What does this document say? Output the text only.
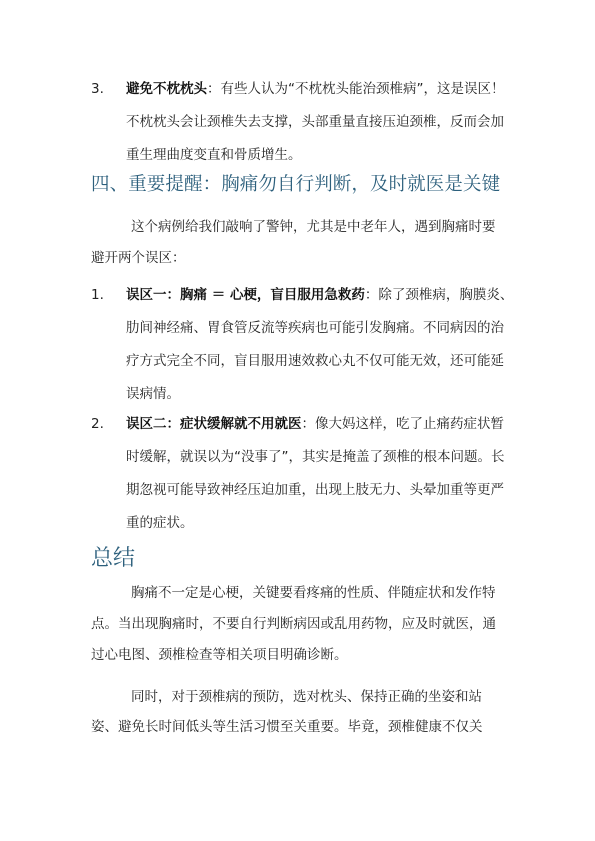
3. 避免不枕枕头：有些人认为“不枕枕头能治颈椎病”，这是误区！不枕枕头会让颈椎失去支撑，头部重量直接压迫颈椎，反而会加重生理曲度变直和骨质增生。
四、重要提醒：胸痛勿自行判断，及时就医是关键
这个病例给我们敲响了警钟，尤其是中老年人，遇到胸痛时要避开两个误区：
1. 误区一：胸痛 ＝ 心梗，盲目服用急救药：除了颈椎病，胸膜炎、肋间神经痛、胃食管反流等疾病也可能引发胸痛。不同病因的治疗方式完全不同，盲目服用速效救心丸不仅可能无效，还可能延误病情。
2. 误区二：症状缓解就不用就医：像大妈这样，吃了止痛药症状暂时缓解，就误以为“没事了”，其实是掩盖了颈椎的根本问题。长期忽视可能导致神经压迫加重，出现上肢无力、头晕加重等更严重的症状。
总结
胸痛不一定是心梗，关键要看疼痛的性质、伴随症状和发作特点。当出现胸痛时，不要自行判断病因或乱用药物，应及时就医，通过心电图、颈椎检查等相关项目明确诊断。
同时，对于颈椎病的预防，选对枕头、保持正确的坐姿和站姿、避免长时间低头等生活习惯至关重要。毕竟，颈椎健康不仅关
